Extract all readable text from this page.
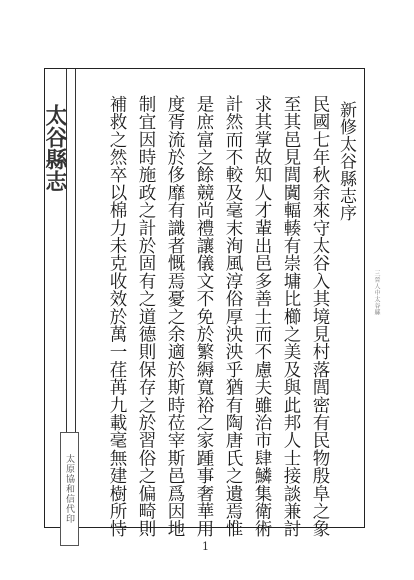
新修太谷縣志序
民國七年秋余來守太谷入其境見村落閭密有民物殷阜之象
至其邑見閭闐輻輳有崇墉比櫛之美及與此邦人士接談兼討
求其掌故知人才輩出邑多善士而不慮夫雖治市肆鱗集衛術
計然而不較及毫末洵風淳俗厚泱泱乎猶有陶唐氏之遺焉惟
是庶富之餘競尚禮讓儀文不免於繁縟寬裕之家踵事奢華用
度胥流於侈靡有識者慨焉憂之余適於斯時莅宰斯邑爲因地
制宜因時施政之計於固有之道德則保存之於習俗之偏畸則
補救之然卒以棉力未克收效於萬一荏苒九載毫無建樹所恃
太谷縣志
太原協和信代印
三晉人中太谷縣
1
